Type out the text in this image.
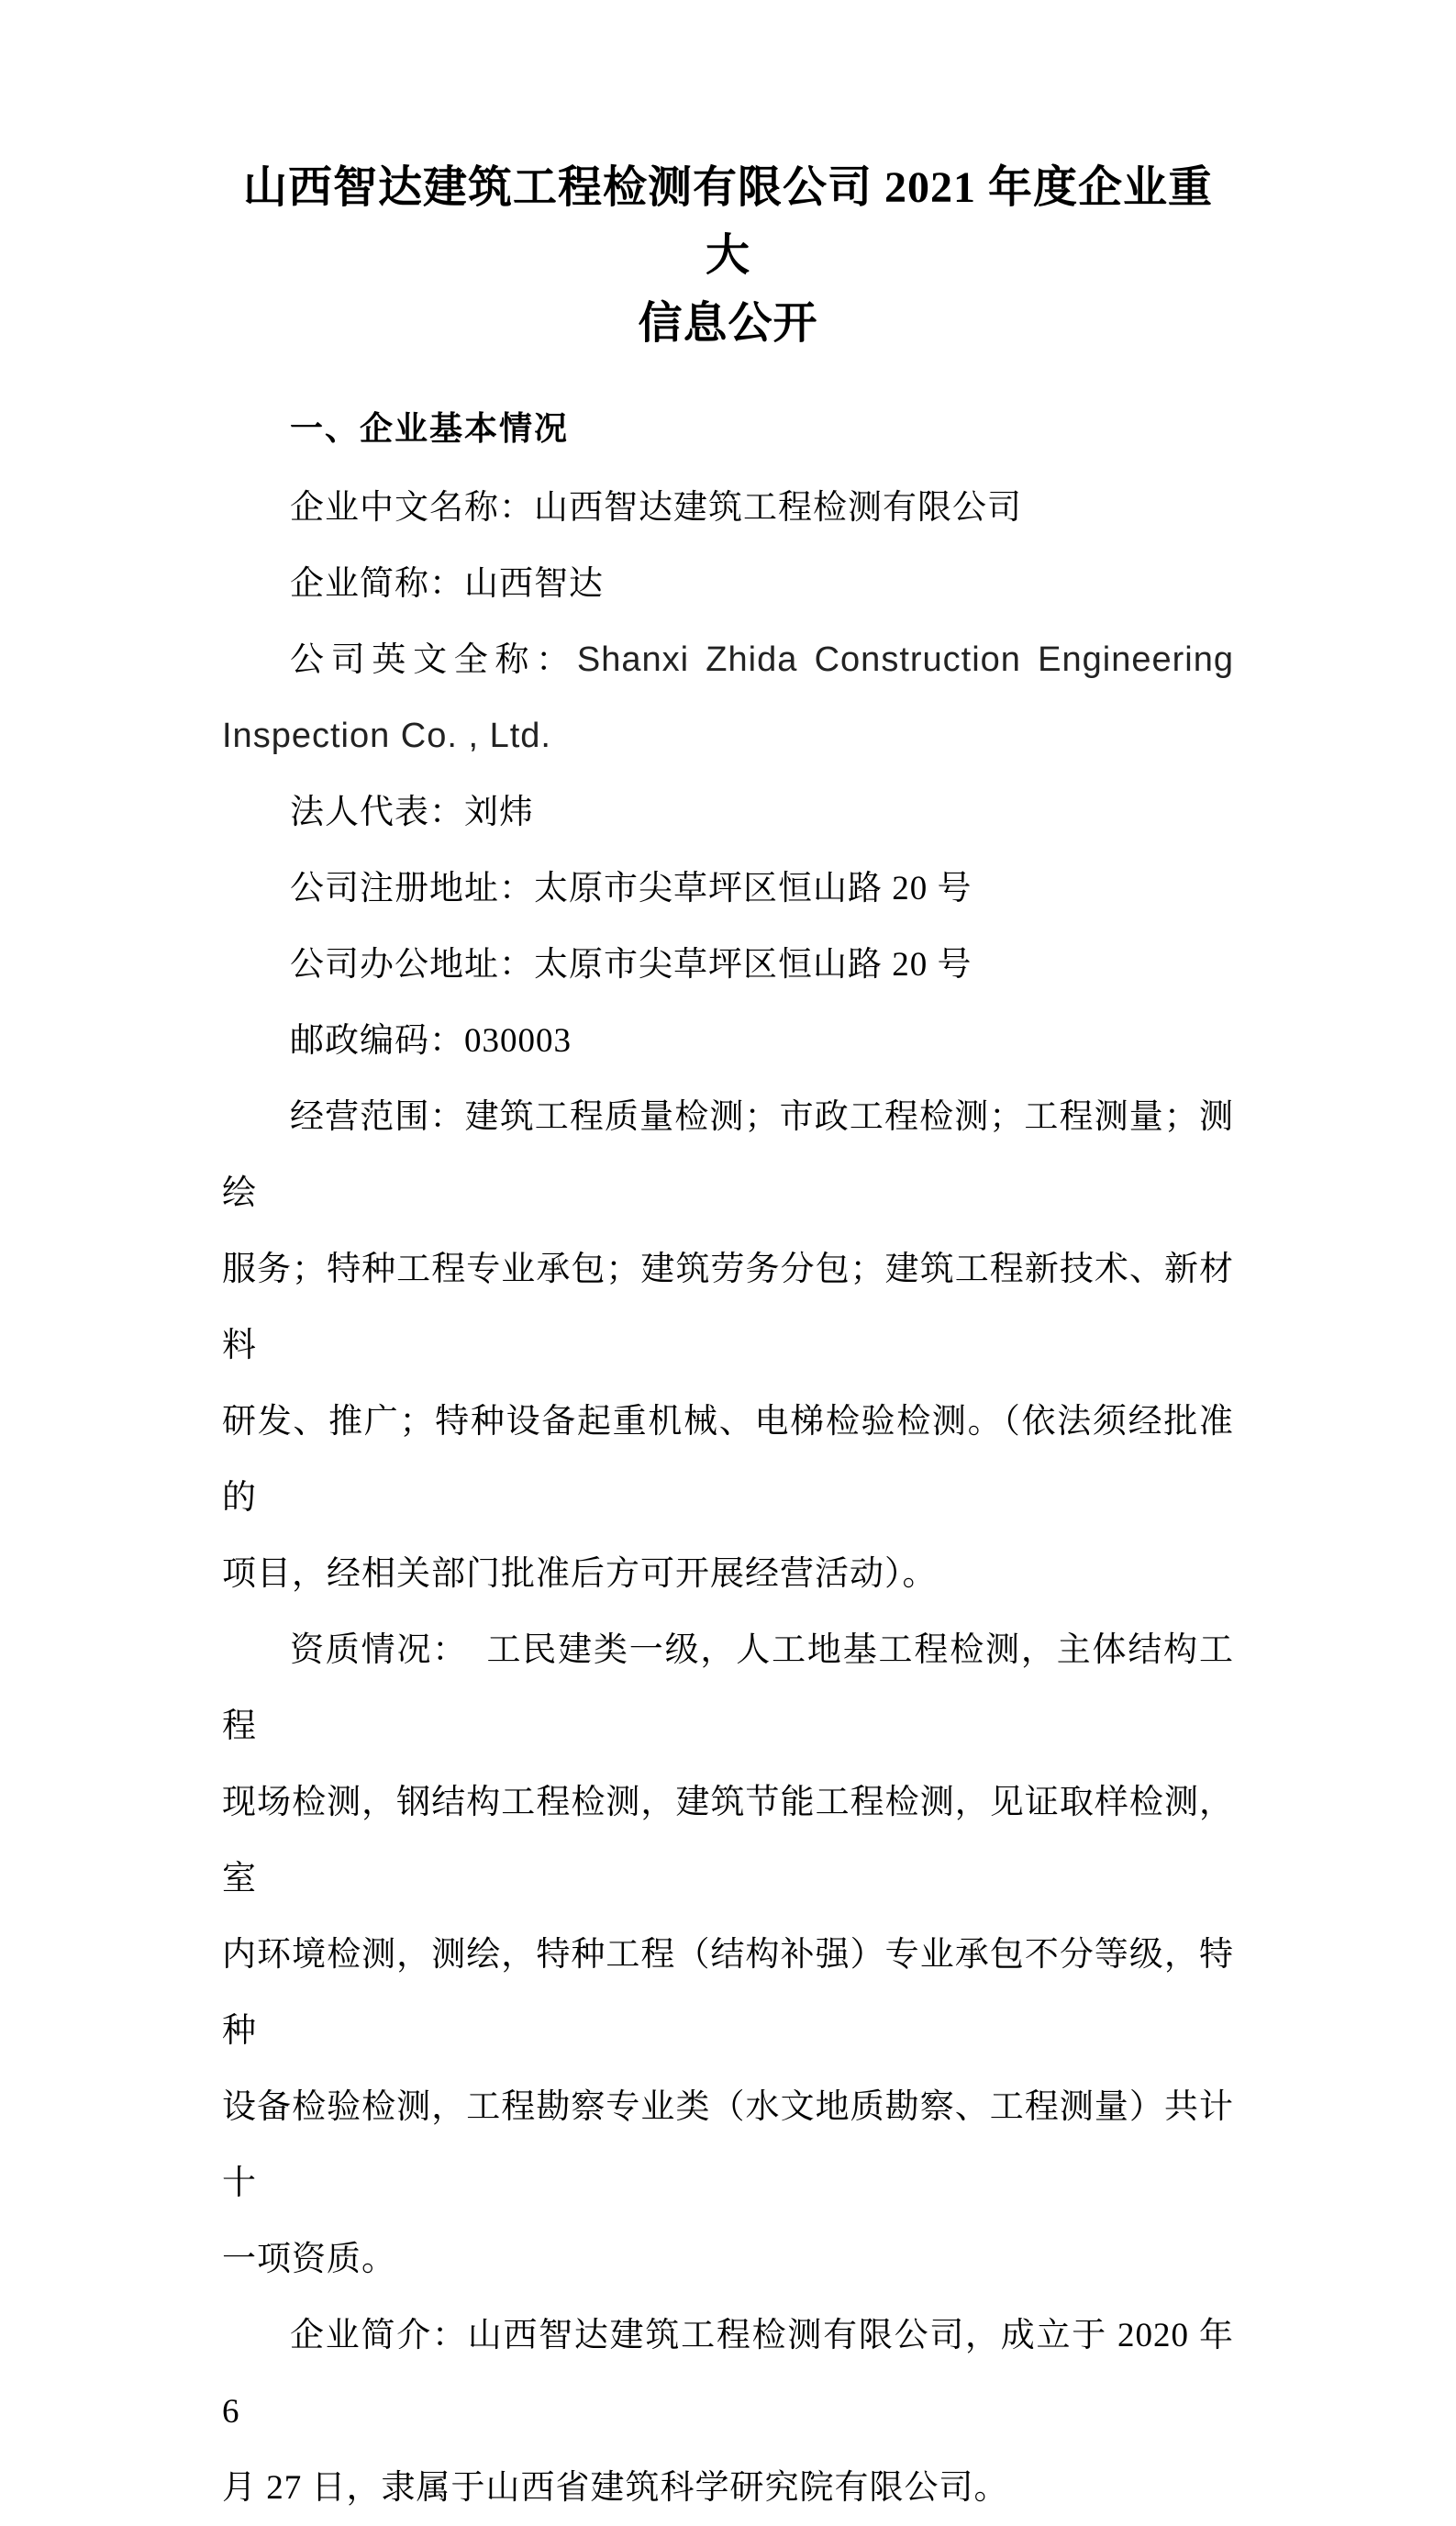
山西智达建筑工程检测有限公司 2021 年度企业重大
信息公开
一、企业基本情况
企业中文名称：山西智达建筑工程检测有限公司
企业简称：山西智达
公司英文全称：Shanxi Zhida Construction Engineering
Inspection Co. , Ltd.
法人代表：刘炜
公司注册地址：太原市尖草坪区恒山路 20 号
公司办公地址：太原市尖草坪区恒山路 20 号
邮政编码：030003
经营范围：建筑工程质量检测；市政工程检测；工程测量；测绘
服务；特种工程专业承包；建筑劳务分包；建筑工程新技术、新材料
研发、推广；特种设备起重机械、电梯检验检测。（依法须经批准的
项目，经相关部门批准后方可开展经营活动）。
资质情况：　工民建类一级，人工地基工程检测，主体结构工程
现场检测，钢结构工程检测，建筑节能工程检测，见证取样检测，室
内环境检测，测绘，特种工程（结构补强）专业承包不分等级，特种
设备检验检测，工程勘察专业类（水文地质勘察、工程测量）共计十
一项资质。
企业简介：山西智达建筑工程检测有限公司，成立于 2020 年 6
月 27 日，隶属于山西省建筑科学研究院有限公司。
